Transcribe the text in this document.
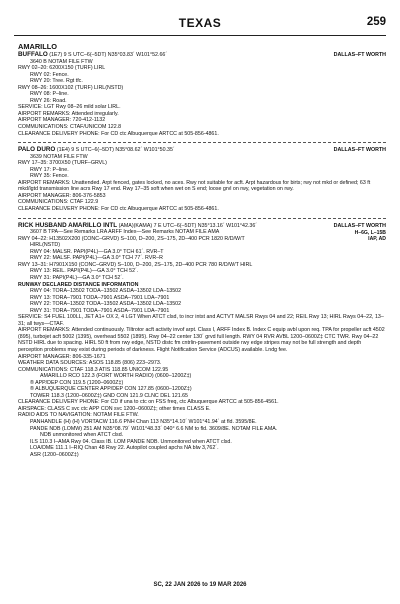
TEXAS	259
AMARILLO
DALLAS–FT WORTH
BUFFALO (1E7) 9 S UTC–6(–5DT) N35°03.83´ W101°52.66´
3640 B NOTAM FILE FTW
RWY 02–20: 6200X150 (TURF) LIRL
RWY 02: Fence.
RWY 20: Tree. Rgt tfc.
RWY 08–26: 1600X102 (TURF) LIRL(NSTD)
RWY 08: P–line.
RWY 26: Road.
SERVICE: LGT Rwy 08–26 mild solar LIRL.
AIRPORT REMARKS: Attended irregularly.
AIRPORT MANAGER: 720-412-1132
COMMUNICATIONS: CTAF/UNICOM 122.8
CLEARANCE DELIVERY PHONE: For CD ctc Albuquerque ARTCC at 505-856-4861.
DALLAS–FT WORTH
PALO DURO (1E4) 9 S UTC–6(–5DT) N35°08.62´ W101°50.35´
3639 NOTAM FILE FTW
RWY 17–35: 3700X50 (TURF–GRVL)
RWY 17: P–line.
RWY 35: Fence.
AIRPORT REMARKS: Unattended. Arpt fenced, gates locked, no aces. Rwy not suitable for acft. Arpt hazardous for birts; rwy not mkd or defined; 63 ft mkd/lgtd transmission line acrs Rwy 17 end. Rwy 17–35 soft when wet on S end; loose grvl on rwy, vegetation on rwy.
AIRPORT MANAGER: 806-376-5853
COMMUNICATIONS: CTAF 122.9
CLEARANCE DELIVERY PHONE: For CD ctc Albuquerque ARTCC at 505-856-4861.
DALLAS–FT WORTH
H–6G, L–15B
IAP, AD
RICK HUSBAND AMARILLO INTL (AMA)(KAMA) 7 E UTC–6(–5DT) N35°13.16´ W101°42.36´
3607 B TPA—See Remarks LRA ARFF Index—See Remarks NOTAM FILE AMA
RWY 04–22: H13502X200 (CONC–GRVD) S–100, D–200, 2S–175, 2D–400 PCR 1820 R/D/W/T
HIRL(NSTD)
RWY 04: MALSR. PAPI(P4L)—GA 3.0° TCH 61´. RVR–T
RWY 22: MALSF. PAPI(P4L)—GA 3.0° TCH 77´. RVR–R
RWY 13–31: H7901X150 (CONC–GRVD) S–100, D–200, 2S–175, 2D–400 PCR 780 R/D/W/T HIRL
RWY 13: REIL. PAPI(P4L)—GA 3.0° TCH 52´.
RWY 31: PAPI(P4L)—GA 3.0° TCH 52´.
RUNWAY DECLARED DISTANCE INFORMATION
RWY 04: TORA–13502 TODA–13502 ASDA–13502 LDA–13502
RWY 13: TORA–7901 TODA–7901 ASDA–7901 LDA–7901
RWY 22: TORA–13502 TODA–13502 ASDA–13502 LDA–13502
RWY 31: TORA–7901 TODA–7901 ASDA–7901 LDA–7901
SERVICE: S4 FUEL 100LL, JET A1+ OX 2, 4 LGT When ATCT clsd, to incr intst and ACTVT MALSR Rwys 04 and 22; REIL Rwy 13; HIRL Rwys 04–22, 13–31; all twys—CTAF.
AIRPORT REMARKS: Attended continuously. Tiltrotor acft activity invof arpt. Class I, ARFF Index B. Index C equip avbl upon req. TPA for propeller acft 4502 (895), turbojet acft 5002 (1395), overhead 5502 (1895). Rwy 04–22 center 130´ grvd full length. RWY 04 RVR AVBL 1200–0600Z‡ CTC TWR. Rwy 04–22 NSTD HIRL due to spacing. HIRL 50 ft from rwy edge, NSTD distc fm cntrlin-pavement outside rwy edge stripes may not be full strength and depth perception problems may exist during periods of darkness. Flight Notification Service (ADCUS) available. Lndg fee.
AIRPORT MANAGER: 806-335-1671
WEATHER DATA SOURCES: ASOS 118.85 (806) 223–2973.
COMMUNICATIONS: CTAF 118.3 ATIS 118.85 UNICOM 122.95
AMARILLO RCO 122.3 (FORT WORTH RADIO) (0600–1200Z‡)
® APP/DEP CON 119.5 (1200–0600Z‡)
® ALBUQUERQUE CENTER APP/DEP CON 127.85 (0600–1200Z‡)
TOWER 118.3 (1200–0600Z‡) GND CON 121.9 CLNC DEL 121.65
CLEARANCE DELIVERY PHONE: For CD if una to ctc on FSS freq, ctc Albuquerque ARTCC at 505-856-4561.
AIRSPACE: CLASS C svc ctc APP CON svc 1200–0600Z‡; other times CLASS E.
RADIO AIDS TO NAVIGATION: NOTAM FILE FTW.
PANHANDLE (H) (H) VORTACW 116.6 PNH Chan 113 N35°14.10´ W101°41.94´ at fld. 3595/8E.
PANDE NDB (LOMW) 251 AM N35°08.79´ W101°48.33´ 040° 6.6 NM to fld. 3609/8E. NOTAM FILE AMA.
NDB unmonitored when ATCT clsd.
ILS 110.3 I–AMA Rwy 04. Class IB. LOM PANDE NDB. Unmonitored when ATCT clsd.
LOA/DME 111.1 I–RIQ Chan 48 Rwy 22. Autopilot coupled apchs NA blw 3,762´.
ASR (1200–0600Z‡)
SC, 22 JAN 2026 to 19 MAR 2026
